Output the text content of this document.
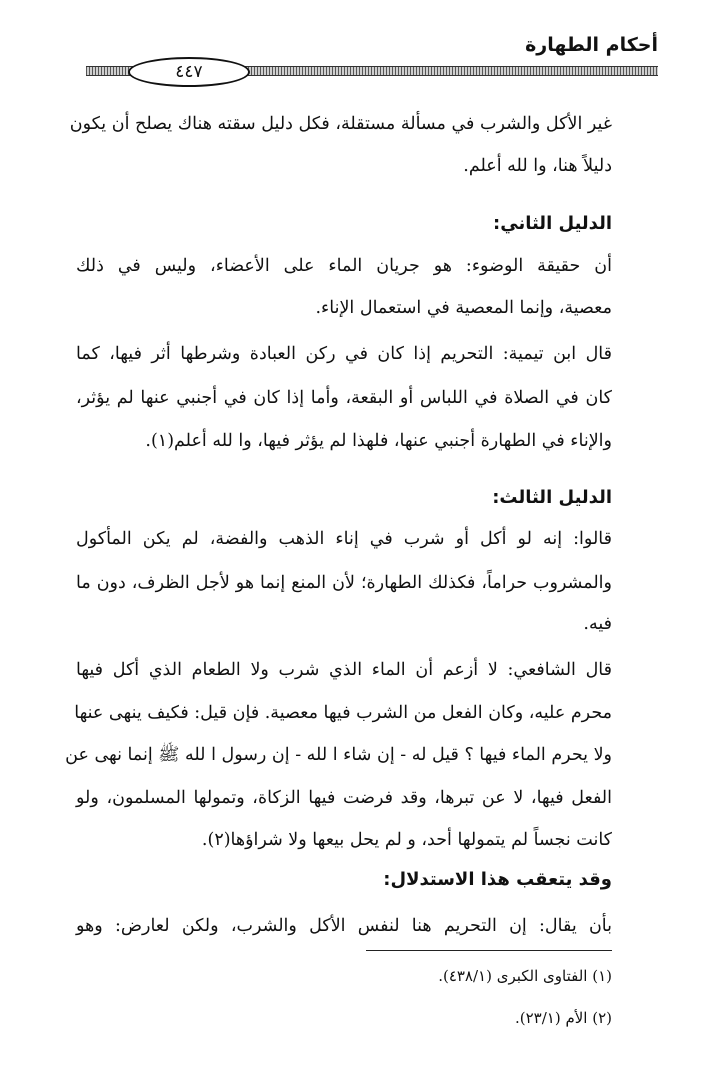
أحكام الطهارة
٤٤٧
غير الأكل والشرب في مسألة مستقلة، فكل دليل سقته هناك يصلح أن يكون
دليلاً هنا، وا لله أعلم.
الدليل الثاني:
أن حقيقة الوضوء: هو جريان الماء على الأعضاء، وليس في ذلك
معصية، وإنما المعصية في استعمال الإناء.
قال ابن تيمية: التحريم إذا كان في ركن العبادة وشرطها أثر فيها، كما
كان في الصلاة في اللباس أو البقعة، وأما إذا كان في أجنبي عنها لم يؤثر،
والإناء في الطهارة أجنبي عنها، فلهذا لم يؤثر فيها، وا لله أعلم(١).
الدليل الثالث:
قالوا: إنه لو أكل أو شرب في إناء الذهب والفضة، لم يكن المأكول
والمشروب حراماً، فكذلك الطهارة؛ لأن المنع إنما هو لأجل الظرف، دون ما
فيه.
قال الشافعي: لا أزعم أن الماء الذي شرب ولا الطعام الذي أكل فيها
محرم عليه، وكان الفعل من الشرب فيها معصية. فإن قيل: فكيف ينهى عنها
ولا يحرم الماء فيها ؟ قيل له - إن شاء ا لله - إن رسول ا لله ﷺ إنما نهى عن
الفعل فيها، لا عن تبرها، وقد فرضت فيها الزكاة، وتمولها المسلمون، ولو
كانت نجساً لم يتمولها أحد، و لم يحل بيعها ولا شراؤها(٢).
وقد يتعقب هذا الاستدلال:
بأن يقال: إن التحريم هنا لنفس الأكل والشرب، ولكن لعارض: وهو
(١) الفتاوى الكبرى (٤٣٨/١).
(٢) الأم (٢٣/١).
